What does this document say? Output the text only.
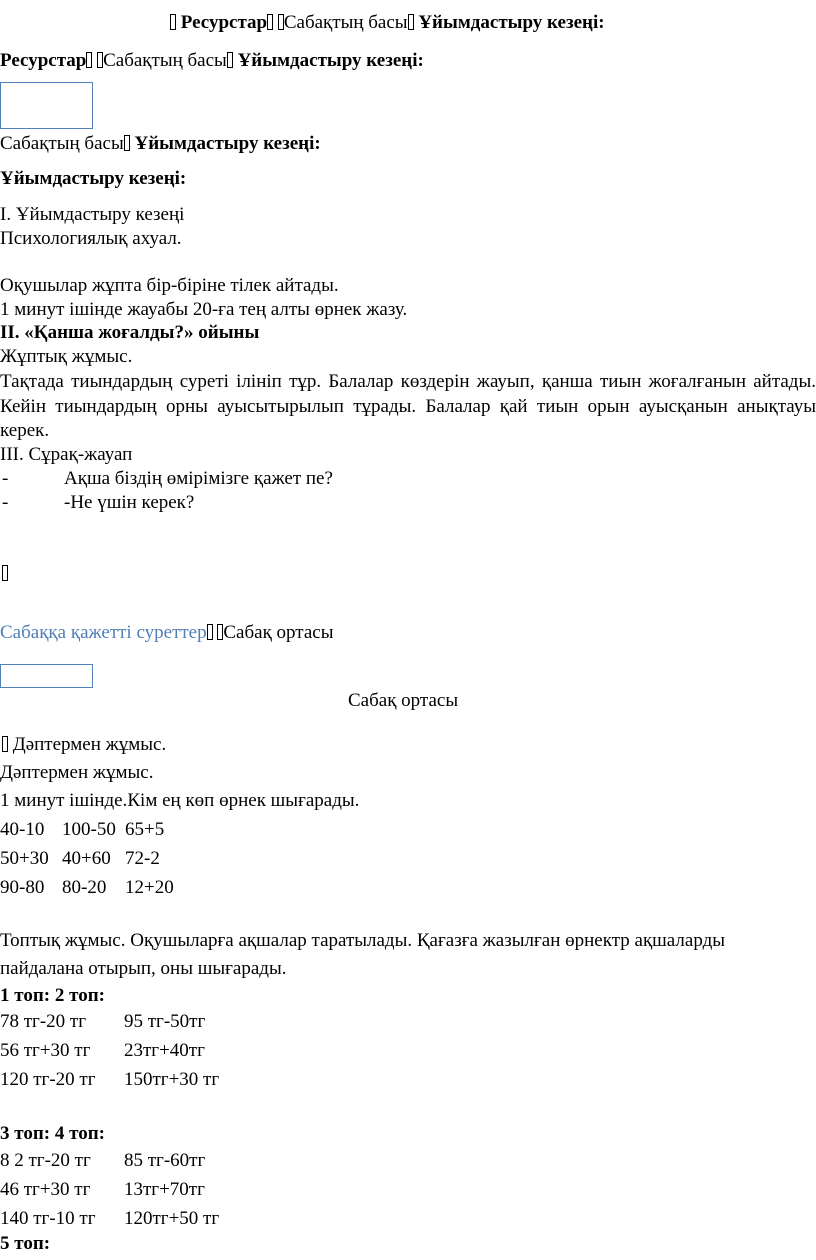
Ресурстар Сабақтың басы Ұйымдастыру кезеңі:
Ресурстар Сабақтың басы Ұйымдастыру кезеңі:
Сабақтың басы Ұйымдастыру кезеңі:
Ұйымдастыру кезеңі:
I. Ұйымдастыру кезеңі
Психологиялық ахуал.
Оқушылар жұпта бір-біріне тілек айтады.
1 минут ішінде жауабы 20-ға тең алты өрнек жазу.
II. «Қанша жоғалды?» ойыны
Жұптық жұмыс.
Тақтада тиындардың суреті ілініп тұр. Балалар көздерін жауып, қанша тиын жоғалғанын айтады. Кейін тиындардың орны ауысытырылып тұрады. Балалар қай тиын орын ауысқанын анықтауы керек.
III. Сұрақ-жауап
-	Ақша біздің өмірімізге қажет пе?
-	-Не үшін керек?
Сабаққа қажетті суреттер Сабақ ортасы
Сабақ ортасы
Дәптермен жұмыс.
Дәптермен жұмыс.
1 минут ішінде.Кім ең көп өрнек шығарады.
40-10 100-50 65+5
50+30 40+60 72-2
90-80 80-20 12+20
Топтық жұмыс. Оқушыларға ақшалар таратылады. Қағазға жазылған өрнектр ақшаларды
пайдалана отырып, оны шығарады.
1 топ: 2 топ:
78 тг-20 тг	95 тг-50тг
56 тг+30 тг	23тг+40тг
120 тг-20 тг	150тг+30 тг
3 топ: 4 топ:
8 2 тг-20 тг	85 тг-60тг
46 тг+30 тг	13тг+70тг
140 тг-10 тг	120тг+50 тг
5 топ:
